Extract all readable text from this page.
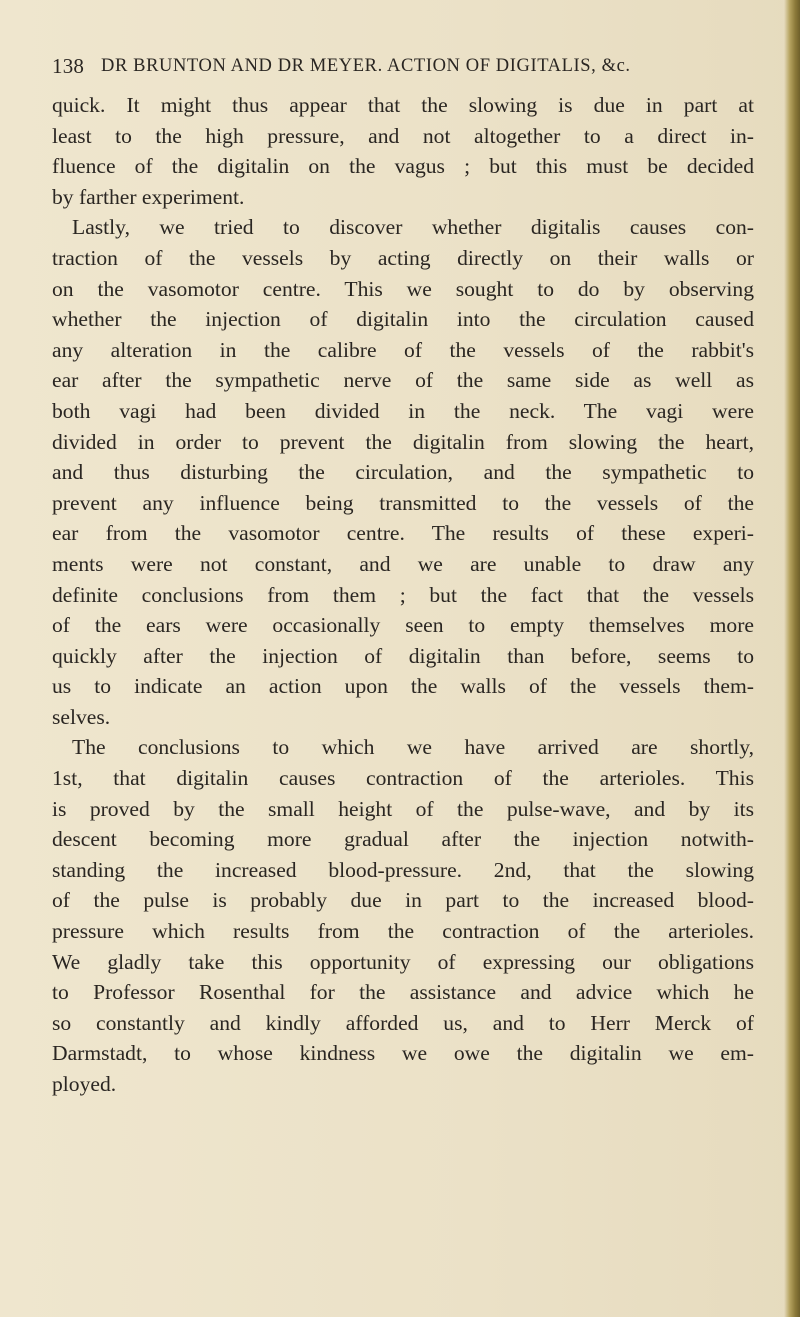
138 DR BRUNTON AND DR MEYER. ACTION OF DIGITALIS, &c.
quick. It might thus appear that the slowing is due in part at
least to the high pressure, and not altogether to a direct in-
fluence of the digitalin on the vagus ; but this must be decided
by farther experiment.
Lastly, we tried to discover whether digitalis causes con-
traction of the vessels by acting directly on their walls or
on the vasomotor centre. This we sought to do by observing
whether the injection of digitalin into the circulation caused
any alteration in the calibre of the vessels of the rabbit's
ear after the sympathetic nerve of the same side as well as
both vagi had been divided in the neck. The vagi were
divided in order to prevent the digitalin from slowing the heart,
and thus disturbing the circulation, and the sympathetic to
prevent any influence being transmitted to the vessels of the
ear from the vasomotor centre. The results of these experi-
ments were not constant, and we are unable to draw any
definite conclusions from them ; but the fact that the vessels
of the ears were occasionally seen to empty themselves more
quickly after the injection of digitalin than before, seems to
us to indicate an action upon the walls of the vessels them-
selves.
The conclusions to which we have arrived are shortly,
1st, that digitalin causes contraction of the arterioles. This
is proved by the small height of the pulse-wave, and by its
descent becoming more gradual after the injection notwith-
standing the increased blood-pressure. 2nd, that the slowing
of the pulse is probably due in part to the increased blood-
pressure which results from the contraction of the arterioles.
We gladly take this opportunity of expressing our obligations
to Professor Rosenthal for the assistance and advice which he
so constantly and kindly afforded us, and to Herr Merck of
Darmstadt, to whose kindness we owe the digitalin we em-
ployed.
